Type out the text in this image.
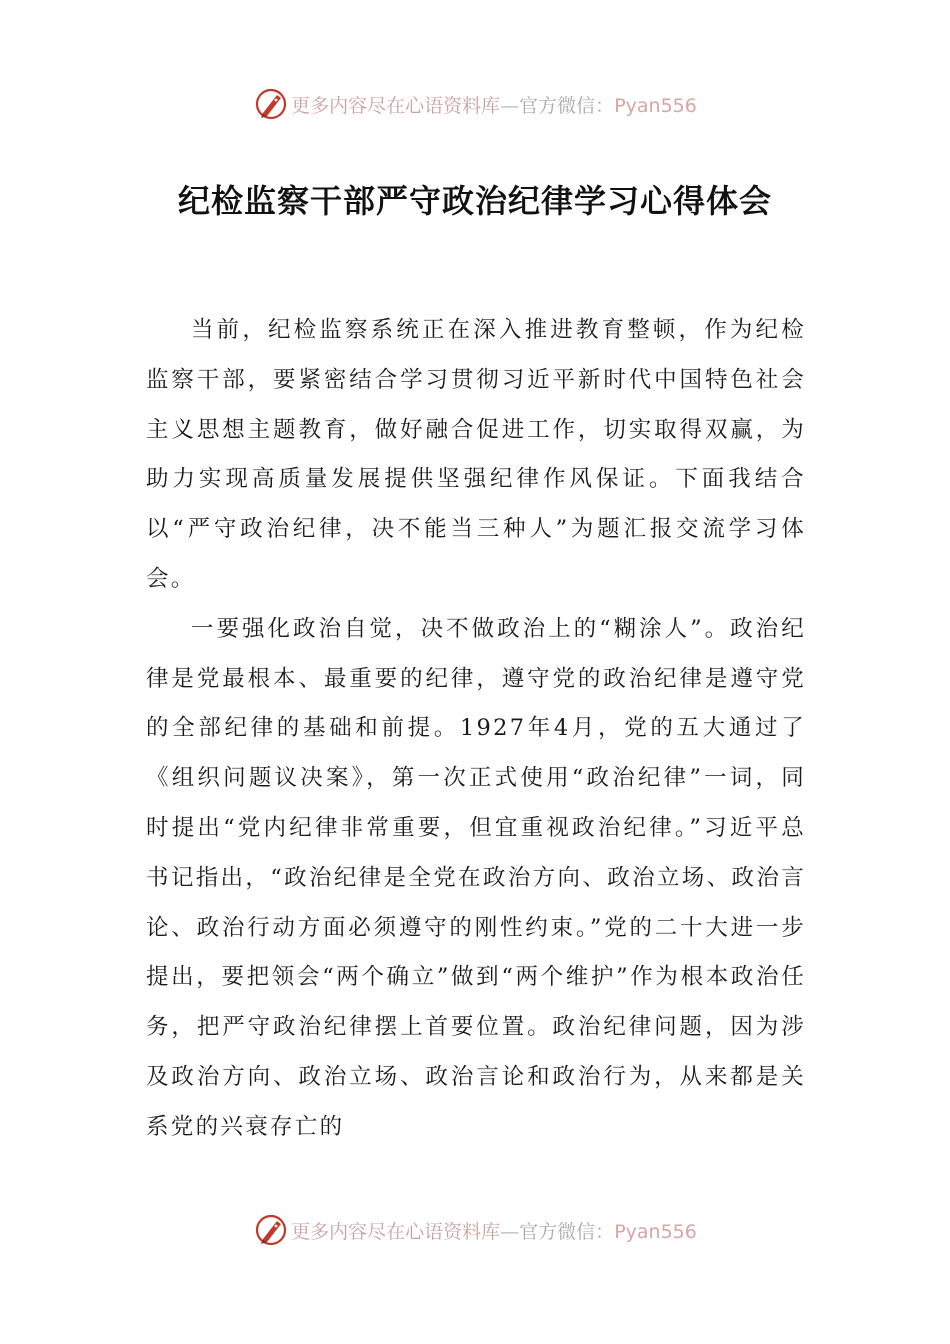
更多内容尽在心语资料库—官方微信：Pyan556
纪检监察干部严守政治纪律学习心得体会

当前，纪检监察系统正在深入推进教育整顿，作为纪检监察干部，要紧密结合学习贯彻习近平新时代中国特色社会主义思想主题教育，做好融合促进工作，切实取得双赢，为助力实现高质量发展提供坚强纪律作风保证。下面我结合以“严守政治纪律，决不能当三种人”为题汇报交流学习体会。

一要强化政治自觉，决不做政治上的“糊涂人”。政治纪律是党最根本、最重要的纪律，遵守党的政治纪律是遵守党的全部纪律的基础和前提。1927年4月，党的五大通过了《组织问题议决案》，第一次正式使用“政治纪律”一词，同时提出“党内纪律非常重要，但宜重视政治纪律。”习近平总书记指出，“政治纪律是全党在政治方向、政治立场、政治言论、政治行动方面必须遵守的刚性约束。”党的二十大进一步提出，要把领会“两个确立”做到“两个维护”作为根本政治任务，把严守政治纪律摆上首要位置。政治纪律问题，因为涉及政治方向、政治立场、政治言论和政治行为，从来都是关系党的兴衰存亡的

更多内容尽在心语资料库—官方微信：Pyan556
